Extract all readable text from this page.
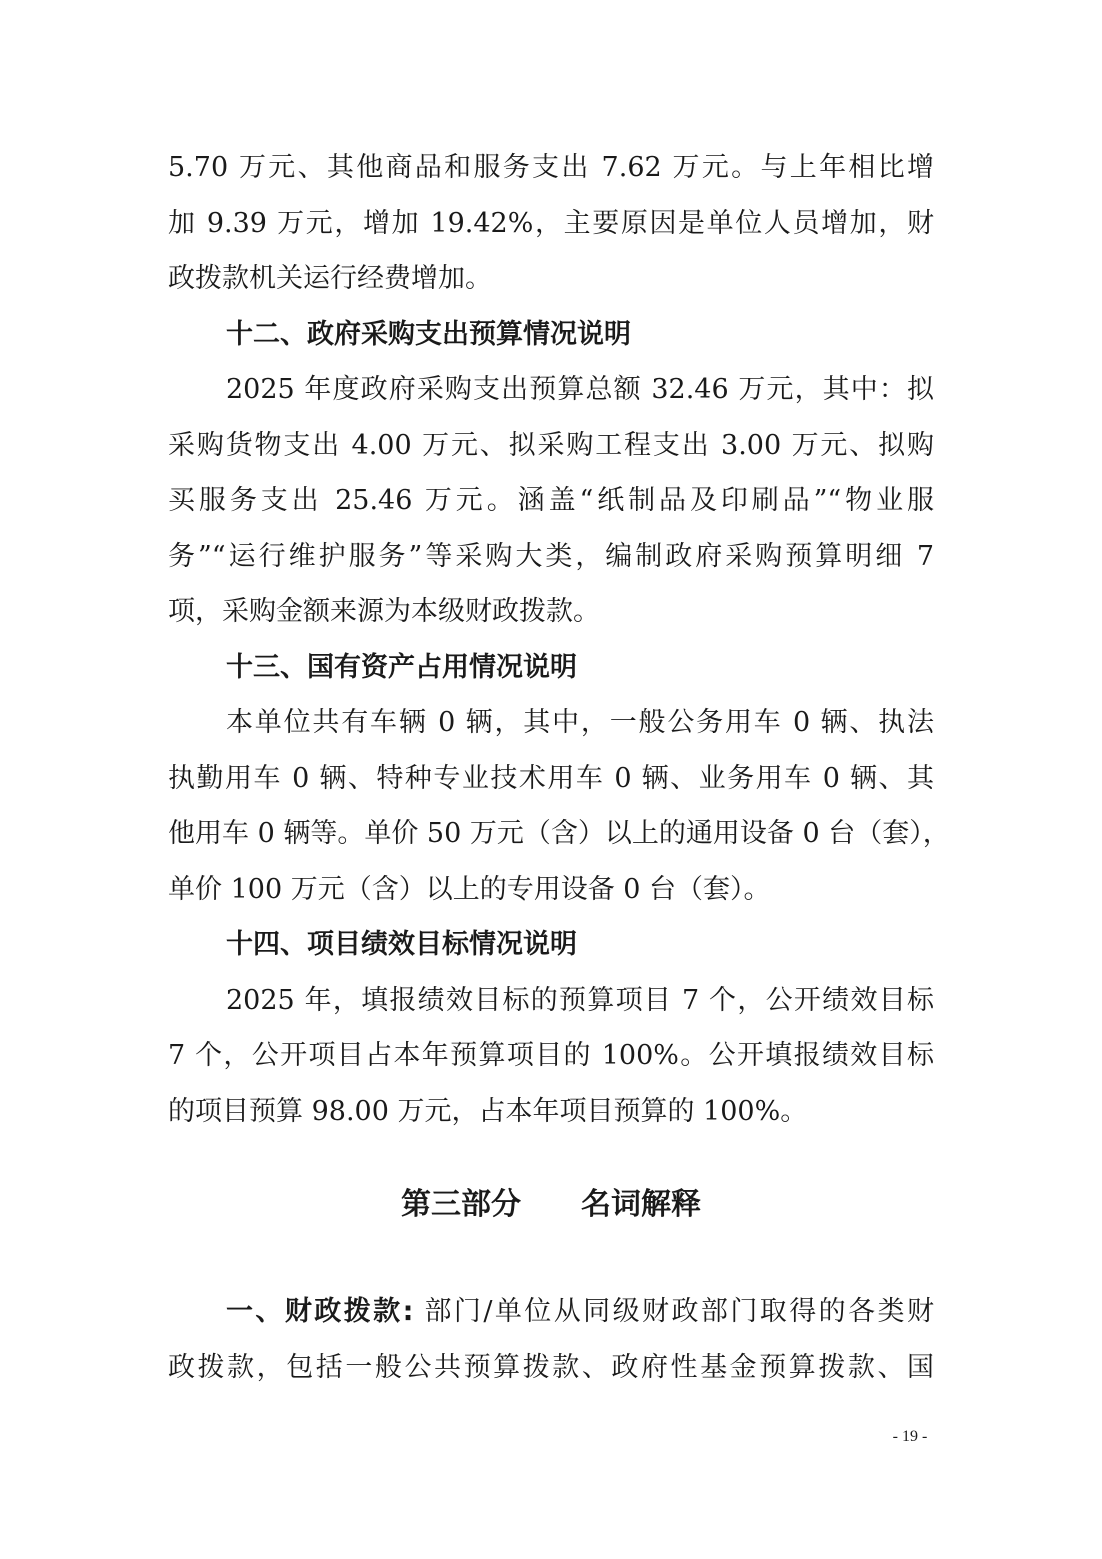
5.70 万元、其他商品和服务支出 7.62 万元。与上年相比增
加 9.39 万元，增加 19.42%，主要原因是单位人员增加，财
政拨款机关运行经费增加。
十二、政府采购支出预算情况说明
2025 年度政府采购支出预算总额 32.46 万元，其中：拟
采购货物支出 4.00 万元、拟采购工程支出 3.00 万元、拟购
买服务支出 25.46 万元。涵盖“纸制品及印刷品”“物业服
务”“运行维护服务”等采购大类，编制政府采购预算明细 7
项，采购金额来源为本级财政拨款。
十三、国有资产占用情况说明
本单位共有车辆 0 辆，其中，一般公务用车 0 辆、执法
执勤用车 0 辆、特种专业技术用车 0 辆、业务用车 0 辆、其
他用车 0 辆等。单价 50 万元（含）以上的通用设备 0 台（套），
单价 100 万元（含）以上的专用设备 0 台（套）。
十四、项目绩效目标情况说明
2025 年，填报绩效目标的预算项目 7 个，公开绩效目标
7 个，公开项目占本年预算项目的 100%。公开填报绩效目标
的项目预算 98.00 万元，占本年项目预算的 100%。
第三部分　　名词解释
一、财政拨款: 部门/单位从同级财政部门取得的各类财
政拨款，包括一般公共预算拨款、政府性基金预算拨款、国
- 19 -
